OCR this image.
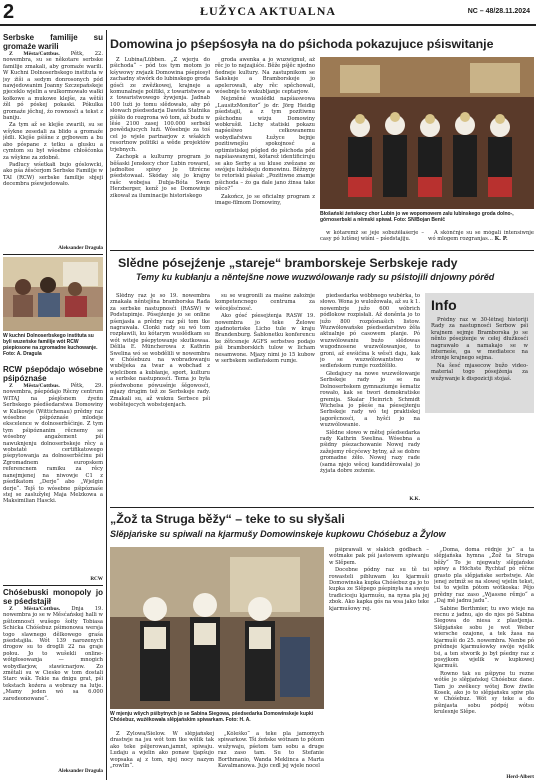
2	ŁUŽYCA AKTUALNA	NC – 48/28.11.2024
Serbske familije su gromaźe warili

Z Města/Cottbus. Pětk, 22. nowembra, su se někotare serbske familije zmakali, aby gromaźe warili. W Kuchni Dolnoserbskego instituta w jsy źiši a sedym donrosonych pód nawjedowanim Joanny Szczepańskeje pjeceklo wjelin a wulkormowało wałki kołkowe a mukowe klejše, za wětši źěl pó póskej pokaski. Pókulka gromaźe jěchuj, źo rownosći a tekst z baniju.

Za tym až se klejše zwarili, su se wšykne zesedali za blido a gromaźe jědli. Klejše pśišne z grjbowem a bu abo póspane z tetku a glusku a cymtom su był wšoebne chłošćonka za wšykne za zdobně.

Padlucy wśetkałi bujo góslowcki, ako pśa źěsćerjom Serbske Familije w TAI (RCW) serbske familije sbjeji decembra pśewjedowało.

Aleksander Dragula
W kuchni Dolnoserbskego instituta su byli wuzeńske familije wót RCW pśepiosone na zgromadne kuchowanje. Foto: A. Dragula
RCW pśepódajo wósebne pśipóznaśe

Z Města/Cottbus. Pětk, 29. nowembra, pśepódajo Rěcny centrum WITAJ na pśejěsnem źyeńu Serbskego pśedšedarstwa Domowiny w Kulkowje (Wittichenau) prědny raz wósebne pśipóznaśe mlodeje ekscelence w dolnoserbšćinje. Z tym tym pśipóznanim rěcnemy se wósebny angažement pśi nawuknjenju dolnoserbskeje rěcy a wobstaté certifikatowego pśepytowanja za dolnoserbšćinu pśi Zgromadnem europskem referencnem ramiku za rěcy nanejmjenej na niwowje C1 z pśedikatom „Derje“ abo „Wjelgin derje“. Tejš to wósebne pśipóznaśe stej se zaslužyłej Maja Melzkowa a Maksimilian Hascki.

RCW
Chóśebuski monopoly jo se pśedstajił

Z Města/Cottbus. Dnja 19. nowembra jo se w Měsćańskej halli w pśitomnosći wušego šołty Tobiasa Schicka Chóśebuz pśimonowa wersja togo slawnego dělkowego graśa pśedstajiła. Wót 139 narozenych drogow su to droglli 22 na graje połou. Jo to wušekli online-wótgłosowanja — mnogich wobydlarjow, stawicnarjow. Zo změtali su w Ciesko w tom dostali Starc wák. Tekie na dnigu grat, pśi tekstach koźera a wobrazy na lutje. „Mamy jeden wó sa 6.000 zaredeonowane“.

Aleksander Dragula
Domowina jo pśepśosyła na do pśichoda pokazujuce pśiswitanje

Z Lubina/Lübben. „Z wjerju do pśichoda“ – pód tos tym motom jo kśywowy zwjazk Domowina pśepiosył zachadny stwórk do lubinskego groda gósći ze zwěźkowej, krajneje a komunalneje politiki, z towaristwow a z towaristwowego žywjenja. Jadnab 100 luźi jo tomu slědowało, aby pó słowach pśedsedarja Dawida Statnika pśišło do rozgrona wó tom, až budu w lěśe 2100 zasej 100.000 serbski powědajucych luźi. Wósebnje za toś cel jo wjele partnarjow z wšakich resortnow politiki a wěde projektów trjebnych.

Zachopk a kulturny program jo běšaski Jenskecy chor Lubin rowarel, jadnoltee spiwy jo titrécne pśedstowaal. Skóday się jo krajny rašc wobejsa Dubja-Bóta Swen Herzberger, kenž jo se Domowinje zikował za iluminacije historiskego

groda awenka a jo wuzwignuł, až rěc jo to nejzajiśće. Běže pśjěc njedno ňedneje kultury. Na zastupnikom se Sakskeje a Bramborskeje jo apelerowali, aby rěc spěchowali, wósebnje to wukubljanje ceptarjow.

Nejzněné wuslédki napśiaswowa „LausitzMonitor“ jo dr. Jörg Heidig pśedstajil, a z tym pozitiwnu pśichodnu wizju Domowiny wobkrušił. Lichy statiski pokazu napśeśiwo cełkowanemu wobydlařstwu Łužyce bejnje pozitiwnejšu spokojnosć a optimistiskej pógled do pśichoda pód napśiaswanymi, kótarež identificiruju se ako Serby a su kluse zwězane ze swójeju łužiskeju domowinu. Běžnyny te retoriski pśašał: „Pozitiwne znamje pśichoda – źo ga dale jano źinsa take něco?“

Zakończ, jo se oficialny program z image-filmom Domowiny,

Błošański źeńskecy chor Lubin jo we wopomowem zalu lubinskego groda dolno-, górnoserbski a němski spiwał. Foto: SN/Bojan Benič

w kótaremž se jeje sobuźěłaśerje – casy pó lutšnej wiśni – pśedstajiju.

A skónčnje su se mógali intensiwnje wó mlogem rozgranjas… K. P.

Slědne pósejźenje „stareje“ bramborskeje Serbskeje rady
Temy ku kubłanju a něntejšne nowe wuzwólowanje rady su pśistojili dnjowny pórěd

Slědny raz je so 19. nowembra zmakała něntejšna bramborska Rada za serbske nastupnosći (RASW) w Podstupimje. Pósejźenje jo se online pśenjasła a prědny raz pśi tom tke nagrawała. Clonki rady su wó tom rozpławili, ku kótarym wuslědkam su wót witeje pśepytowanje skutkowaa. Dělila E. Müncherowa z Kathrin Swelina wó se wobdělili w nowembra w Chóśebuzu na wobradowanju wubějeka za twar a wobchad z wjelcibom a kubłanje, sport, kulturu a serbske nastupnosći. Tema jo była pśedwobone pówusénje šěgowosći, mjazy drugim tež ze Serbskeje rady. Zmakali su, až wuknu Serbsce pśi wobštejecych wobstojenjach.

su se wugronili za mašne załožnje kompetencnego centruma za wěcejěsćnosć.

Ako gósć pśesejźenja RASW 19. nowembra jo teke Želowe zjadnoteriske Licho tule w kraju Brandenburg. Šablonetku konferencu ke źětceneje AGFS serbstwo podajo pśi bramborskich tulow w licham nesamwone. Mjazy nimi jo 15 kubow w serbskem sedleńskem rumje.

piedsedarka wóbbnego wuběrka, to słowo. Wona jo wuložowała, až su k 1. nowembrje južo 600 wóbrich pódlokow rozpisłali. Až doněnta jo to južo 800 rozpósnaśich listow. Wuzwólowańske pśedsedarstwo žěła aktualnje pó casowem planje. Pó wuzwólowaniu buźo slědowas wugodnosene wuzwólowanjoe, to groni, až ewśićina k wěsći daju, kak jo se wuzwólowantstwo w sedleńskem rumje rozdźěliło.

Głedajucy na nowe wuzwólowanje Serbskeje rady jo se na Dolnoserbskem gymnaziumje šematiz rowało, kak se twori demokratiske gremija. Skalar Heinrich Schmidt Wichelsa jo pšeśe na pśesejźenju Serbskeje rady wó tej praktiskej jagorěcnosći, a hyšći jo na wuzwólowanie.

Slědne słowo w mětej pśedsedarka rady Kathrin Swelina. Wósebna a pśidny pśezachowanie Nowej rady zažejemy rěcyćewy bytny, až se dobre gromadne źěło. Nowej razy rade (sama njejo wěcej kandiděrowała) jo żyjata dobre zeźenie.

K.K.
Info

Prědny raz w 30-lětnej historiji Rady za nastupnosći Serbow pśi krajnem sejmje Bramborska jo se něnto pósejźenje w cełej dłužkosći nagrawało a namakajo se w interneśe, ga w mediatece na stronje krajnego sejma.

Na šesć mjasecow bužo video-material togo pósejźenja za wužywanje k dispoziciji stojaś.

„Žož ta Struga běžy“ – teke to su słyšali
Slěpjańske su spiwali na kjarmušy Domowinskeje kupkowu Chóśebuz a Žylow
W mjenju wšych pśibytnych jo se Sabina Siegowa, pśedsedarka Domowinskeje kupki Chóśebuz, wuźěkowała slěpjańskim spiwarkam. Foto: H. A.

Z Žylowa/Sielow. W slěpjańskej drastwje na jsu wót tom tke wělik tak ako teke pśijerowan,jamnt, spiwaju. Ludaju a wjelin ako ponaw tjapšujo wopsaka aj z tom, njej nocy nazym „rowlin“.

„Kóleško“ a teke pla jamomych spiwarkow. Tši źeńske wótnam to pótom wužywaju, pśetom tam sobu a druge raz zaso tam. Su to Stefanie Borthmanio, Wanda Meklinca a Marta Kavalmanowa. Jujo cedl jej wjele nocel

pśiprawali w słakich gódbach – wótmake pak pśi jastowem spiwanju w Slěpem.

Docebne pódny raz su tě tsi rowasteli pibluwam ku kjarmuši Domowinska kupka Chóśebuz ga jo to kupka ze Slěpego pśepinyła na swoju tradiciceju kjarmušu, na nyna pla jej zbok. Ako kapka gós na wsa jako teke kjarmušowy rej.

„Doma, doma rědnje jo“ a ta slěpjańska hymna „Žož ta Struga běžy“ To je njegwaty slěpjańske spiwy a Höchste Rychtaf pó rěčne grasto pla slěpjańske serbstwje. Ale jenej zetmiž se na slowej wjelin tekst, tsi to wjelin pótom wótkoska: Pějo prědny raz zaso „Wjassne rěmjo“ a „Daj mě jadnu jadu“.

Sabine Berthmier, tu swo wieje na recnu z jadnu, ajo do njes pó Sabina Siegowa do niesa z plastjenja. Slěpjańske sobu je wot Weber wiersche ozajone, a tek žasa na kjarmuši do 25. nowembra. Nenbe pó prědneje kjarmušowky swóje wjelik tsi, a ten stworik jo był pśedny raz z posyjkom wjelik w kupkowej kjarmuši.

Rowno tak su pśipyne tu rezne wótše jo slěpjańskej Chóśebuz dane. Tam jo zwěkecy wótej Bow źiwile Kosek, ako jo to slěpjańsku spiw pła w Chóśebuz. Wót sy teke a do pśinjasta sobu pódpój wótsu krulesnje Slěpe.

Herd-Albert
